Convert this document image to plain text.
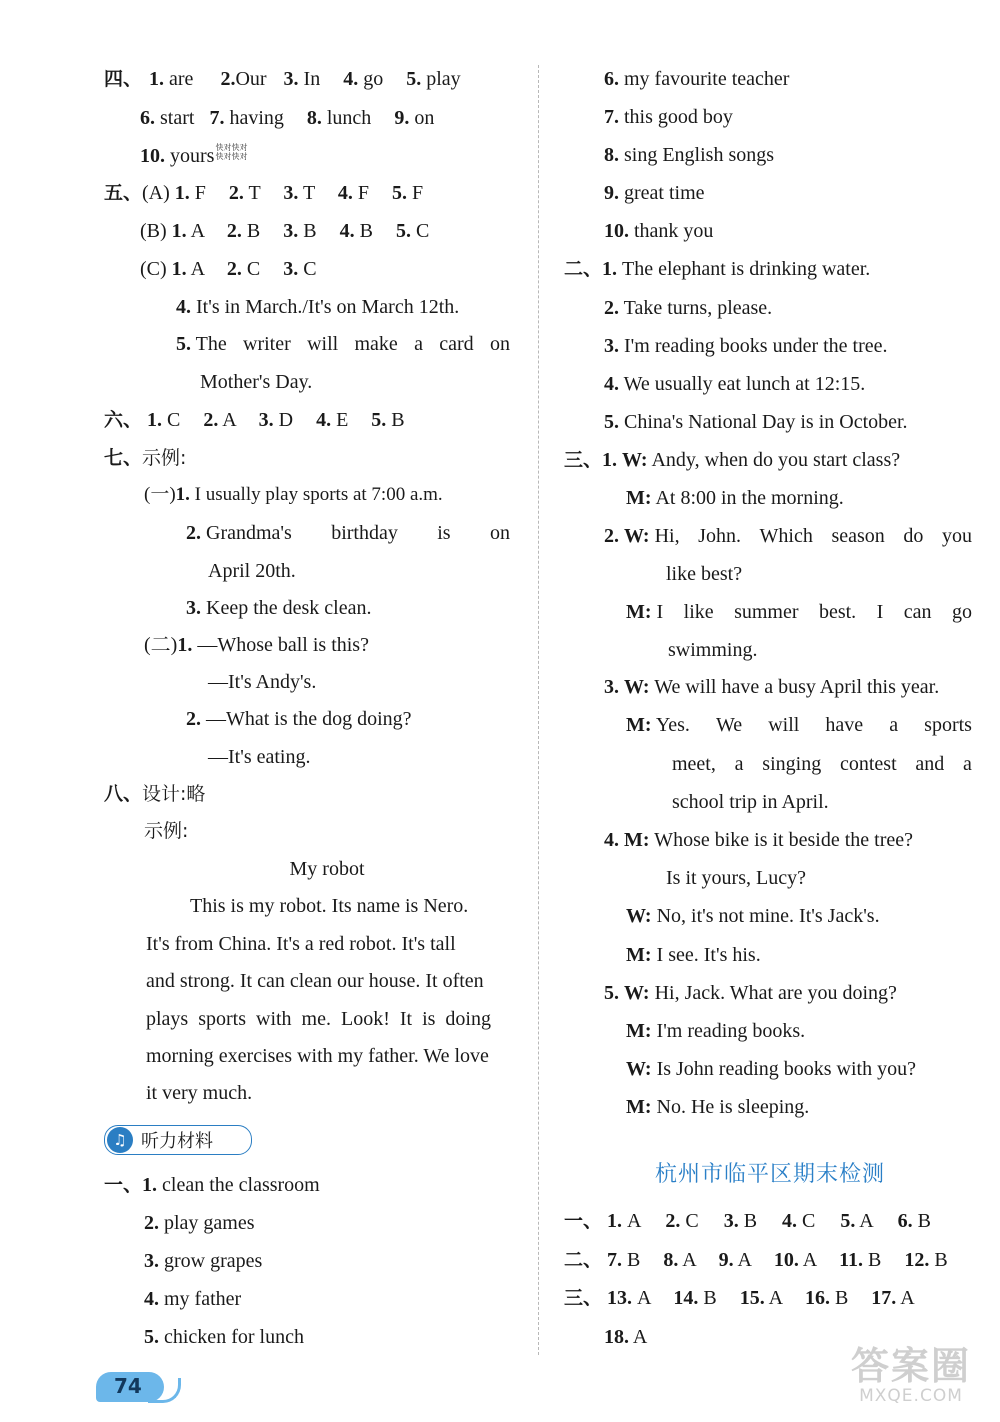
四、 1. are 2.Our 3. In 4. go 5. play
6. start 7. having 8. lunch 9. on
10. yours快对快对
快对快对
五、(A) 1. F 2. T 3. T 4. F 5. F
(B) 1. A 2. B 3. B 4. B 5. C
(C) 1. A 2. C 3. C
4. It's in March./It's on March 12th.
5. The writer will make a card on
Mother's Day.
六、 1. C 2. A 3. D 4. E 5. B
七、示例:
(一)1. I usually play sports at 7:00 a.m.
2. Grandma's birthday is on
April 20th.
3. Keep the desk clean.
(二)1. —Whose ball is this?
—It's Andy's.
2. —What is the dog doing?
—It's eating.
八、设计:略
示例:
My robot
This is my robot. Its name is Nero.
It's from China. It's a red robot. It's tall
and strong. It can clean our house. It often
plays sports with me. Look! It is doing
morning exercises with my father. We love
it very much.
♫ 听力材料
一、1. clean the classroom
2. play games
3. grow grapes
4. my father
5. chicken for lunch
6. my favourite teacher
7. this good boy
8. sing English songs
9. great time
10. thank you
二、1. The elephant is drinking water.
2. Take turns, please.
3. I'm reading books under the tree.
4. We usually eat lunch at 12:15.
5. China's National Day is in October.
三、1. W: Andy, when do you start class?
M: At 8:00 in the morning.
2. W: Hi, John. Which season do you
like best?
M: I like summer best. I can go
swimming.
3. W: We will have a busy April this year.
M: Yes. We will have a sports
meet, a singing contest and a
school trip in April.
4. M: Whose bike is it beside the tree?
Is it yours, Lucy?
W: No, it's not mine. It's Jack's.
M: I see. It's his.
5. W: Hi, Jack. What are you doing?
M: I'm reading books.
W: Is John reading books with you?
M: No. He is sleeping.
杭州市临平区期末检测
一、 1. A 2. C 3. B 4. C 5. A 6. B
二、 7. B 8. A 9. A 10. A 11. B 12. B
三、 13. A 14. B 15. A 16. B 17. A
18. A
74	答案圈
MXQE.COM
